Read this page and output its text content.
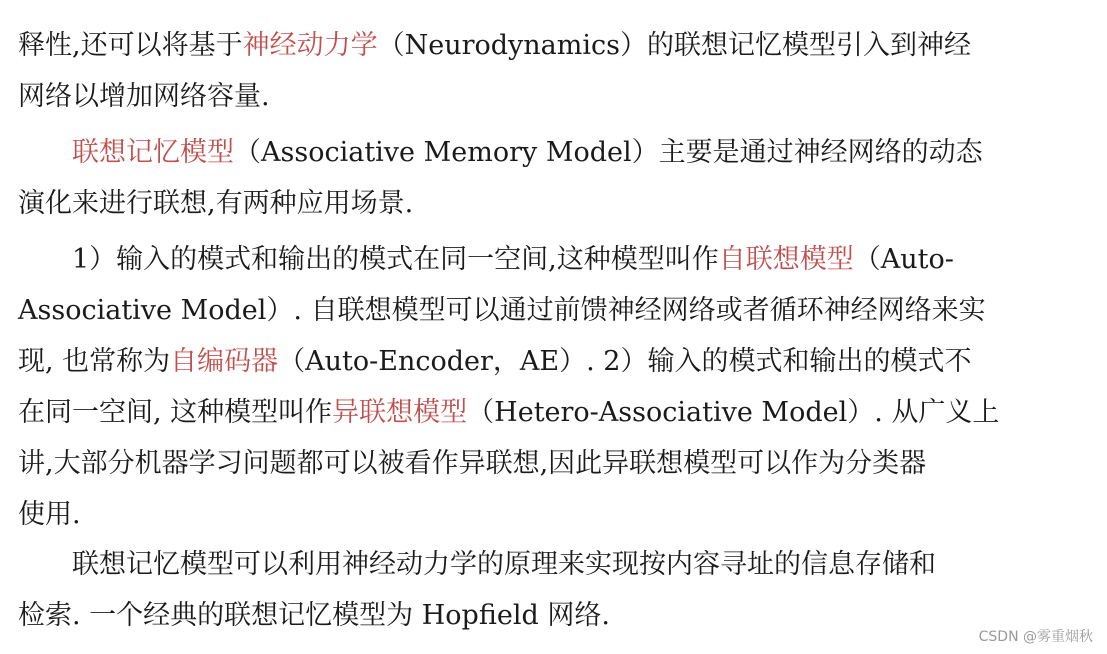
释性,还可以将基于神经动力学（Neurodynamics）的联想记忆模型引入到神经
网络以增加网络容量.
　　联想记忆模型（Associative Memory Model）主要是通过神经网络的动态
演化来进行联想,有两种应用场景.
　　1）输入的模式和输出的模式在同一空间,这种模型叫作自联想模型（Auto-
Associative Model）. 自联想模型可以通过前馈神经网络或者循环神经网络来实
现, 也常称为自编码器（Auto-Encoder，AE）. 2）输入的模式和输出的模式不
在同一空间, 这种模型叫作异联想模型（Hetero-Associative Model）. 从广义上
讲,大部分机器学习问题都可以被看作异联想,因此异联想模型可以作为分类器
使用.
　　联想记忆模型可以利用神经动力学的原理来实现按内容寻址的信息存储和
检索. 一个经典的联想记忆模型为 Hopfield 网络.
CSDN @雾重烟秋
